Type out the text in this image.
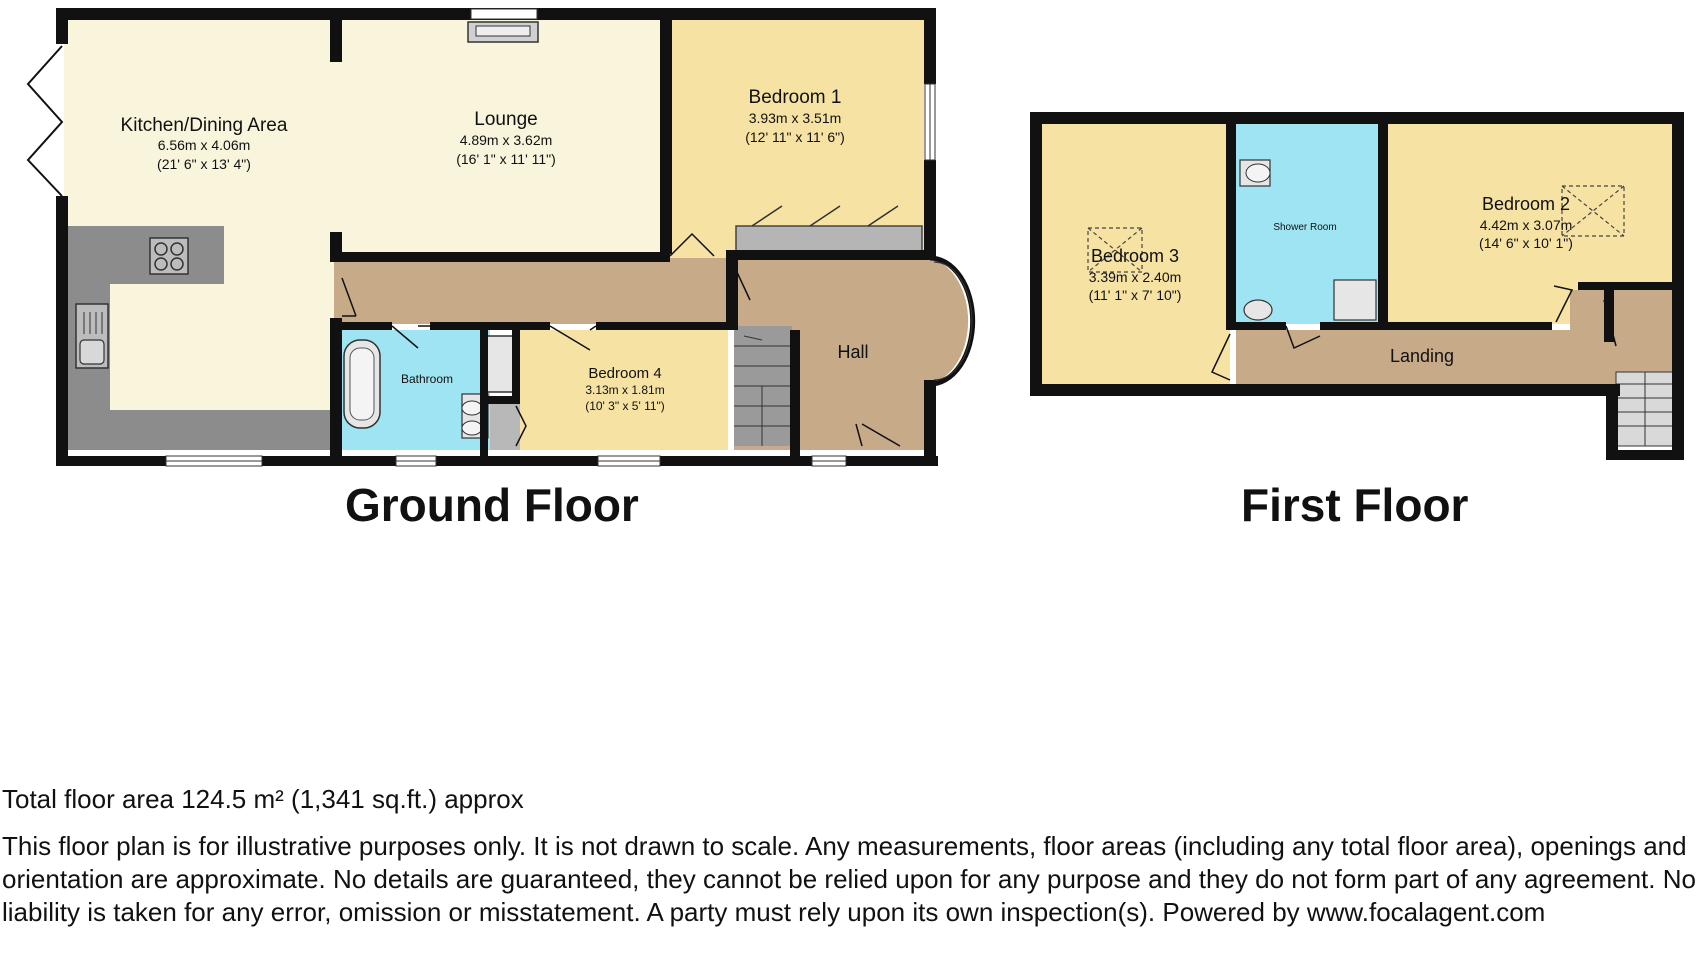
Kitchen/Dining Area
6.56m x 4.06m
(21' 6" x 13' 4")
Lounge
4.89m x 3.62m
(16' 1" x 11' 11")
Bedroom 1
3.93m x 3.51m
(12' 11" x 11' 6")
Bathroom	Bedroom 4
3.13m x 1.81m
(10' 3" x 5' 11")
Hall
Bedroom 3
3.39m x 2.40m
(11' 1" x 7' 10")
Shower Room
Bedroom 2
4.42m x 3.07m
(14' 6" x 10' 1")
Landing
Ground Floor	First Floor
Total floor area 124.5 m² (1,341 sq.ft.) approx
This floor plan is for illustrative purposes only. It is not drawn to scale. Any measurements, floor areas (including any total floor area), openings and orientation are approximate. No details are guaranteed, they cannot be relied upon for any purpose and they do not form part of any agreement. No liability is taken for any error, omission or misstatement. A party must rely upon its own inspection(s). Powered by www.focalagent.com
